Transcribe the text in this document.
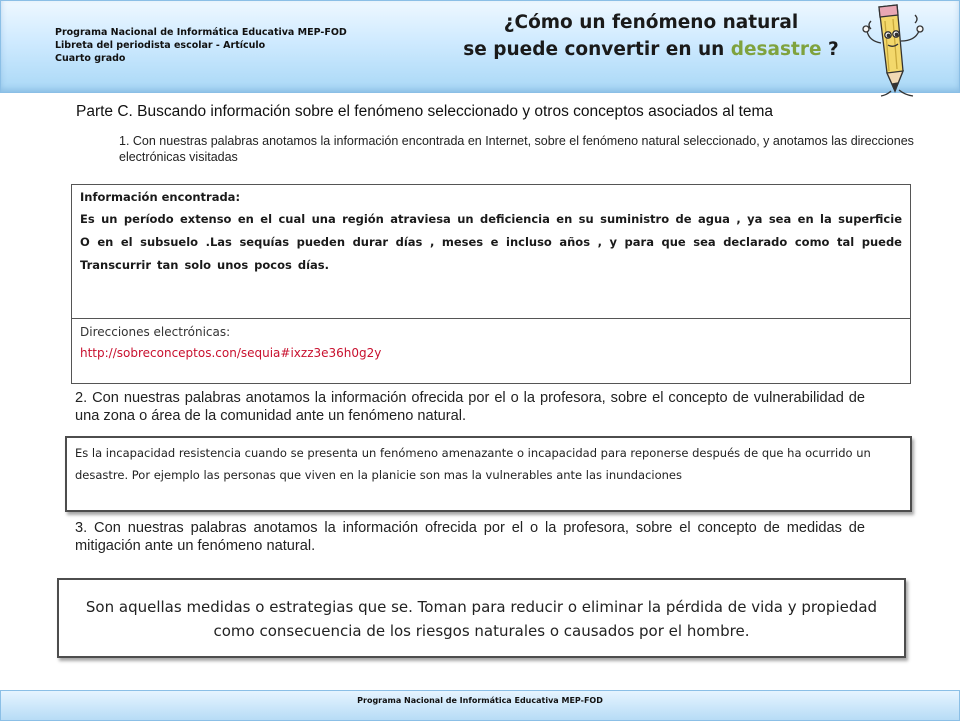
Programa Nacional de Informática Educativa MEP-FOD
Libreta del periodista escolar - Artículo
Cuarto grado
¿Cómo un fenómeno natural
se puede convertir en un desastre ?
Parte C. Buscando información sobre el fenómeno seleccionado y otros conceptos asociados al tema
1. Con nuestras palabras anotamos la información encontrada en Internet, sobre el fenómeno natural seleccionado, y anotamos las direcciones electrónicas visitadas
Información encontrada:
Es un período extenso en el cual una región atraviesa un deficiencia en su suministro de agua , ya sea en la superficie O en el subsuelo .Las sequías pueden durar días , meses e incluso años , y para que sea declarado como tal puede Transcurrir tan solo unos pocos días.
Direcciones electrónicas:
http://sobreconceptos.con/sequia#ixzz3e36h0g2y
2. Con nuestras palabras anotamos la información ofrecida por el o la profesora, sobre el concepto de vulnerabilidad de una zona o área de la comunidad ante un fenómeno natural.
Es la incapacidad resistencia cuando se presenta un fenómeno amenazante o incapacidad para reponerse después de que ha ocurrido un desastre. Por ejemplo las personas que viven en la planicie son mas la vulnerables ante las inundaciones
3. Con nuestras palabras anotamos la información ofrecida por el o la profesora, sobre el concepto de medidas de mitigación ante un fenómeno natural.
Son aquellas medidas o estrategias que se. Toman para reducir o eliminar la pérdida de vida y propiedad como consecuencia de los riesgos naturales o causados por el hombre.
Programa Nacional de Informática Educativa MEP-FOD
